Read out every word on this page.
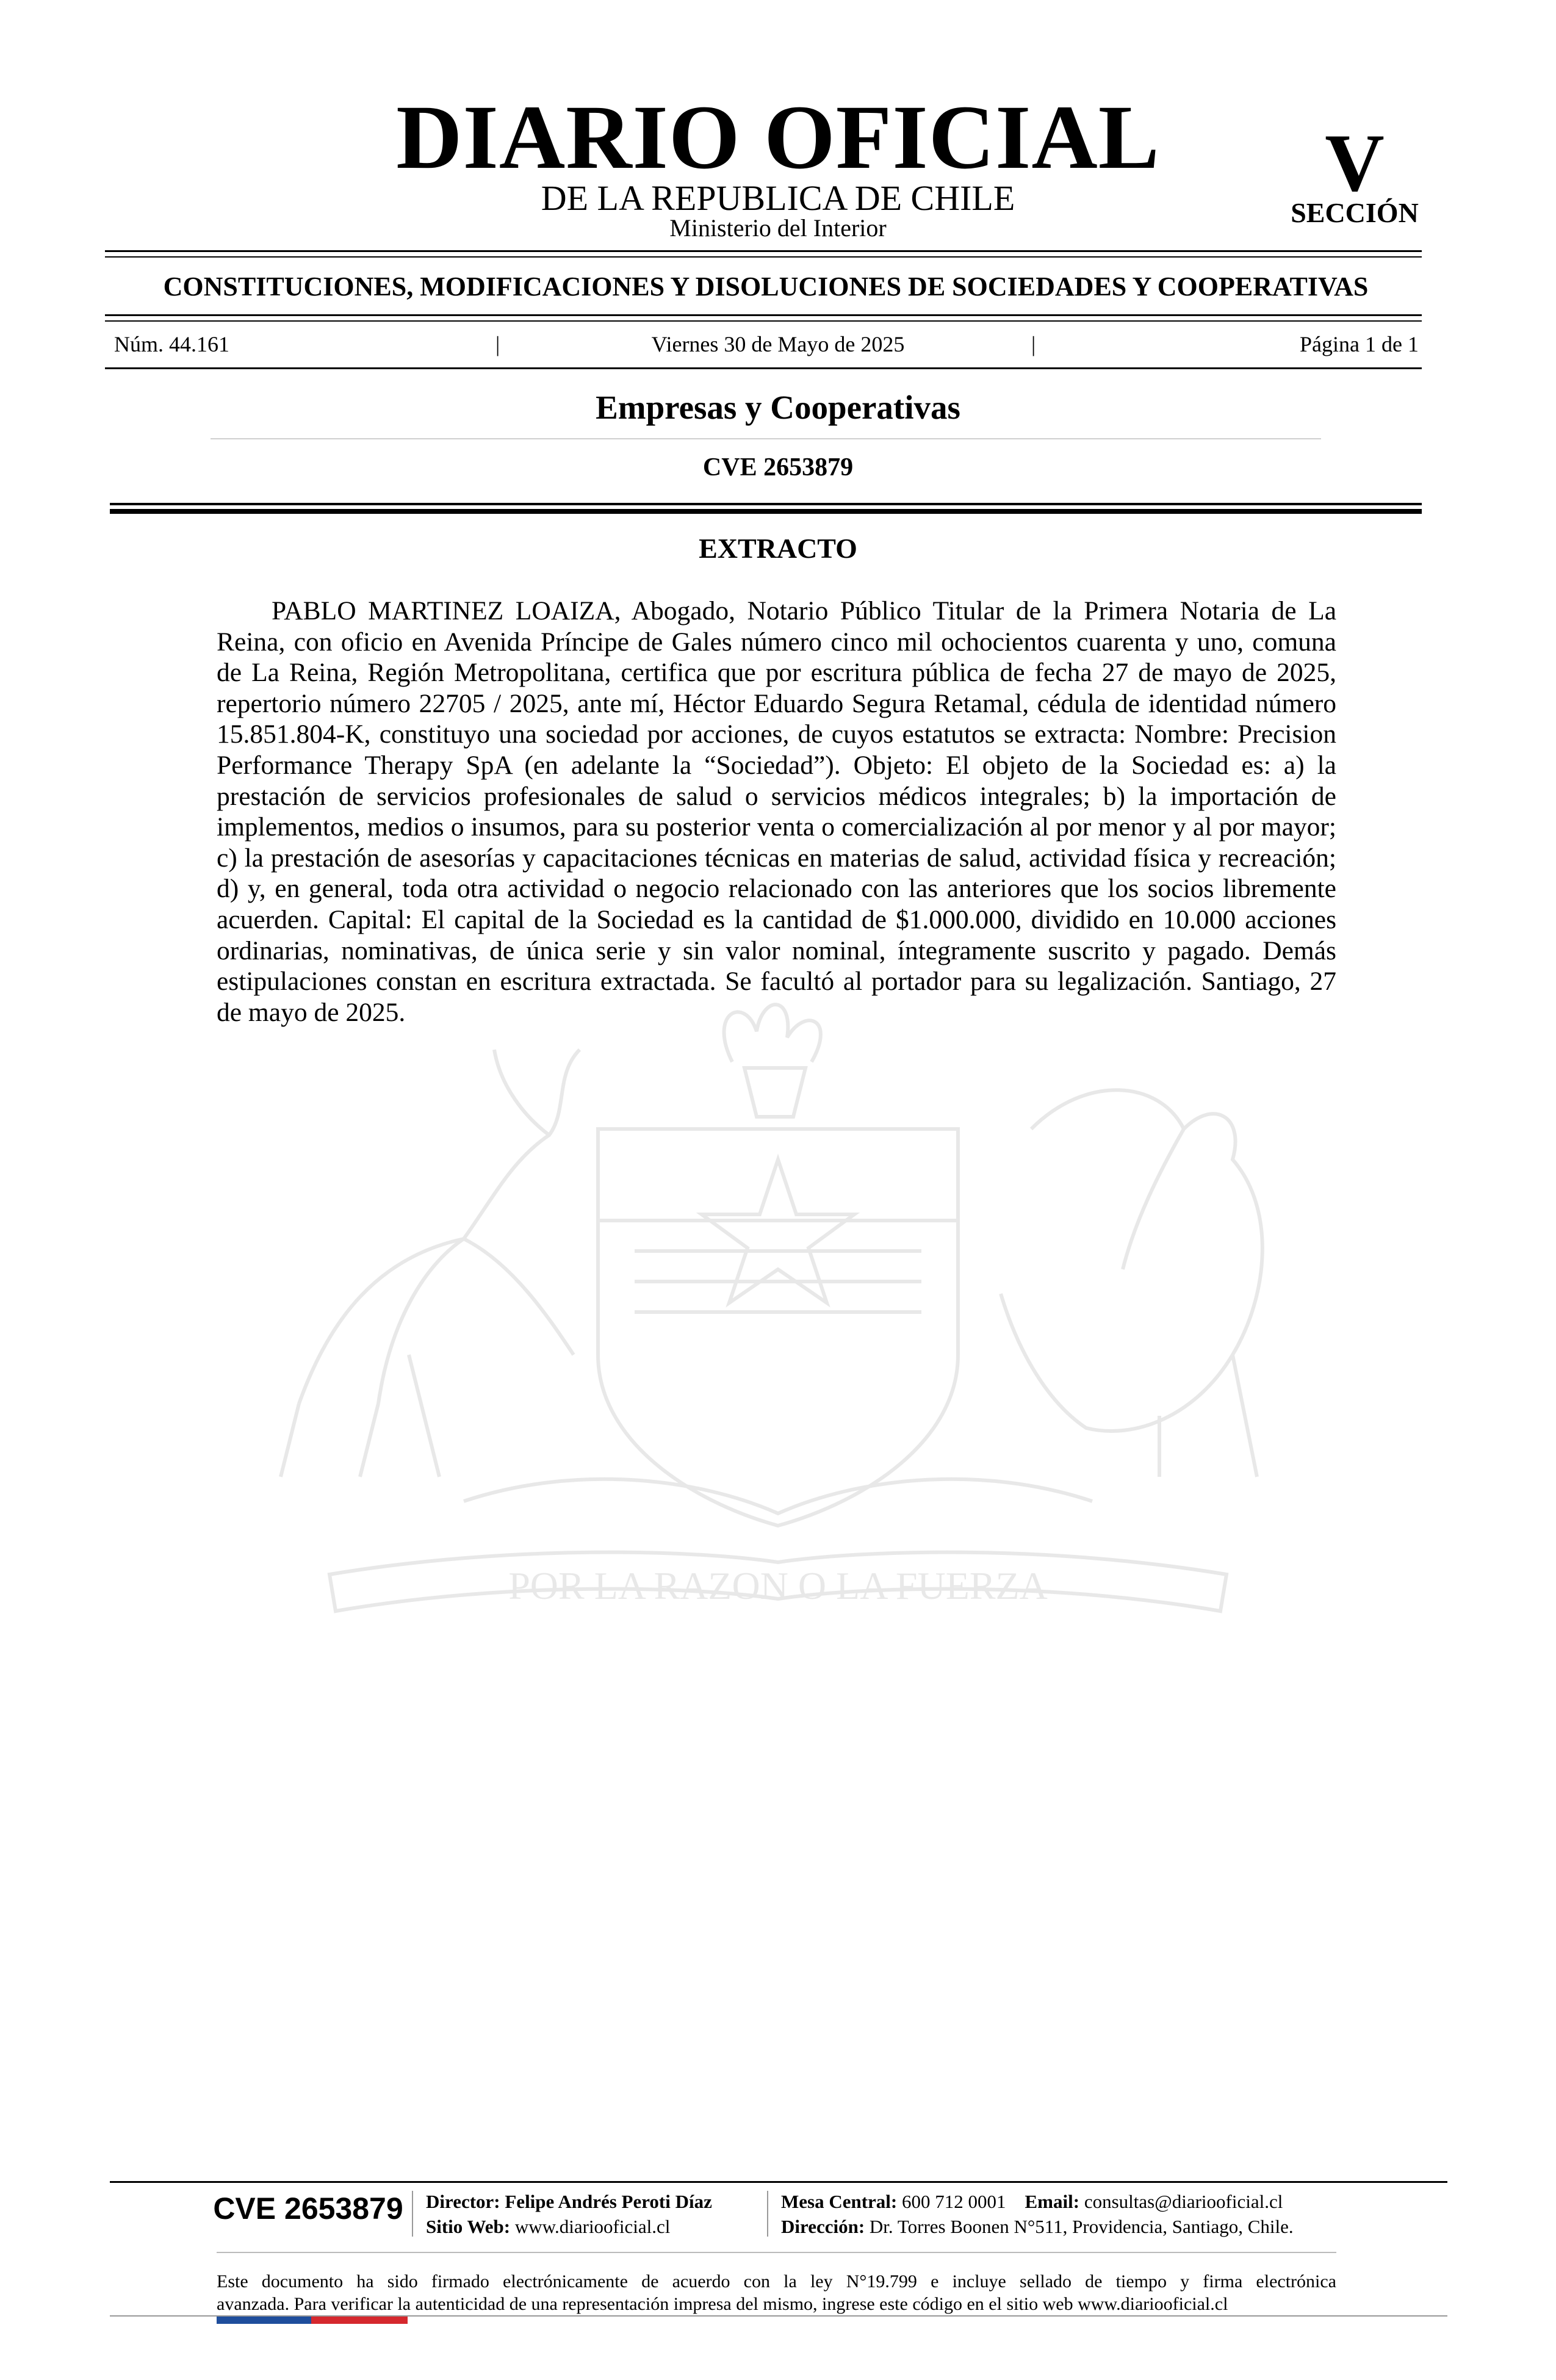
DIARIO OFICIAL
DE LA REPUBLICA DE CHILE
Ministerio del Interior
V
SECCIÓN
CONSTITUCIONES, MODIFICACIONES Y DISOLUCIONES DE SOCIEDADES Y COOPERATIVAS
Núm. 44.161	|	Viernes 30 de Mayo de 2025	|	Página 1 de 1
Empresas y Cooperativas
CVE 2653879
POR LA RAZON O LA FUERZA
EXTRACTO
PABLO MARTINEZ LOAIZA, Abogado, Notario Público Titular de la Primera Notaria de La Reina, con oficio en Avenida Príncipe de Gales número cinco mil ochocientos cuarenta y uno, comuna de La Reina, Región Metropolitana, certifica que por escritura pública de fecha 27 de mayo de 2025, repertorio número 22705 / 2025, ante mí, Héctor Eduardo Segura Retamal, cédula de identidad número 15.851.804-K, constituyo una sociedad por acciones, de cuyos estatutos se extracta: Nombre: Precision Performance Therapy SpA (en adelante la “Sociedad”). Objeto: El objeto de la Sociedad es: a) la prestación de servicios profesionales de salud o servicios médicos integrales; b) la importación de implementos, medios o insumos, para su posterior venta o comercialización al por menor y al por mayor; c) la prestación de asesorías y capacitaciones técnicas en materias de salud, actividad física y recreación; d) y, en general, toda otra actividad o negocio relacionado con las anteriores que los socios libremente acuerden. Capital: El capital de la Sociedad es la cantidad de $1.000.000, dividido en 10.000 acciones ordinarias, nominativas, de única serie y sin valor nominal, íntegramente suscrito y pagado. Demás estipulaciones constan en escritura extractada. Se facultó al portador para su legalización. Santiago, 27 de mayo de 2025.
CVE 2653879	Director: Felipe Andrés Peroti Díaz
Sitio Web: www.diariooficial.cl
Mesa Central: 600 712 0001 Email: consultas@diariooficial.cl
Dirección: Dr. Torres Boonen N°511, Providencia, Santiago, Chile.
Este documento ha sido firmado electrónicamente de acuerdo con la ley N°19.799 e incluye sellado de tiempo y firma electrónica
avanzada. Para verificar la autenticidad de una representación impresa del mismo, ingrese este código en el sitio web www.diariooficial.cl
